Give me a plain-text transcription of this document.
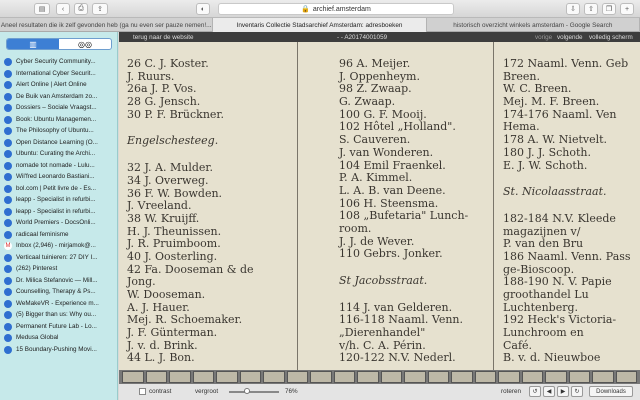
▤	‹	⎙	⇪	◐	🔒 archief.amsterdam	⇩	⇧	❐	+
Aneel resultaten die ik zelf gevonden heb (ga nu even ser pauze nemen!...	Inventaris Collectie Stadsarchief Amsterdam: adresboeken	historisch overzicht winkels amsterdam - Google Search
▥	◎◎
Cyber Security Community...
International Cyber Securit...
Alert Online | Alert Online
De Buik van Amsterdam zo...
Dossiers – Sociale Vraagst...
Book: Ubuntu Managemen...
The Philosophy of Ubuntu...
Open Distance Learning (O...
Ubuntu: Curating the Archi...
nomade tot nomade - Lulu...
Wil'fred Leonardo Bastiani...
bol.com | Petit livre de - Es...
leapp - Specialist in refurbi...
leapp - Specialist in refurbi...
World Premiers - DocsOnli...
radicaal feminisme
M Inbox (2,946) - mirjamok@...
Verticaal tuinieren: 27 DIY I...
(262) Pinterest
Dr. Milica Stefanovic — Mill...
Counselling, Therapy & Ps...
WeMakeVR - Experience m...
(5) Bigger than us: Why ou...
Permanent Future Lab - Lo...
Medusa Global
15 Boundary-Pushing Movi...
terug naar de website	- - A20174001059	vorige volgende volledig scherm
26 C. J. Koster.
J. Ruurs.
26a J. P. Vos.
28 G. Jensch.
30 P. F. Brückner.
Engelschesteeg.
32 J. A. Mulder.
34 J. Overweg.
36 F. W. Bowden.
J. Vreeland.
38 W. Kruijff.
H. J. Theunissen.
J. R. Pruimboom.
40 J. Oosterling.
42 Fa. Dooseman & de
Jong.
W. Dooseman.
A. J. Hauer.
Mej. R. Schoemaker.
J. F. Günterman.
J. v. d. Brink.
44 L. J. Bon.
96 A. Meijer.
J. Oppenheym.
98 Z. Zwaap.
G. Zwaap.
100 G. F. Mooij.
102 Hôtel „Holland".
S. Cauveren.
J. van Wonderen.
104 Emil Fraenkel.
P. A. Kimmel.
L. A. B. van Deene.
106 H. Steensma.
108 „Bufetaria" Lunch-
room.
J. J. de Wever.
110 Gebrs. Jonker.
St Jacobsstraat.
114 J. van Gelderen.
116-118 Naaml. Venn.
„Dierenhandel"
v/h. C. A. Périn.
120-122 N.V. Nederl.
172 Naaml. Venn. Geb
Breen.
W. C. Breen.
Mej. M. F. Breen.
174-176 Naaml. Ven
Hema.
178 A. W. Nietvelt.
180 J. J. Schoth.
E. J. W. Schoth.
St. Nicolaasstraat.
182-184 N.V. Kleede
magazijnen v/
P. van den Bru
186 Naaml. Venn. Pass
ge-Bioscoop.
188-190 N. V. Papie
groothandel Lu
Luchtenberg.
192 Heck's Victoria-
Lunchroom en
Café.
B. v. d. Nieuwboe
contrast	vergroot	76%	roteren	↺	◀	▶	↻	Downloads
